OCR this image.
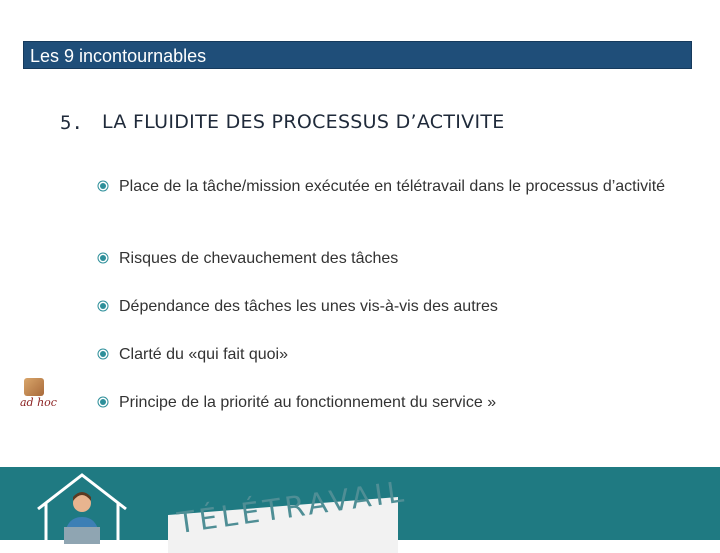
Les 9 incontournables
5. LA FLUIDITE DES PROCESSUS D’ACTIVITE
Place de la tâche/mission exécutée en télétravail dans le processus d’activité
Risques de chevauchement des tâches
Dépendance des tâches les unes vis-à-vis des autres
Clarté du «qui fait quoi»
Principe de la priorité au fonctionnement du service »
ad hoc
TÉLÉTRAVAIL
